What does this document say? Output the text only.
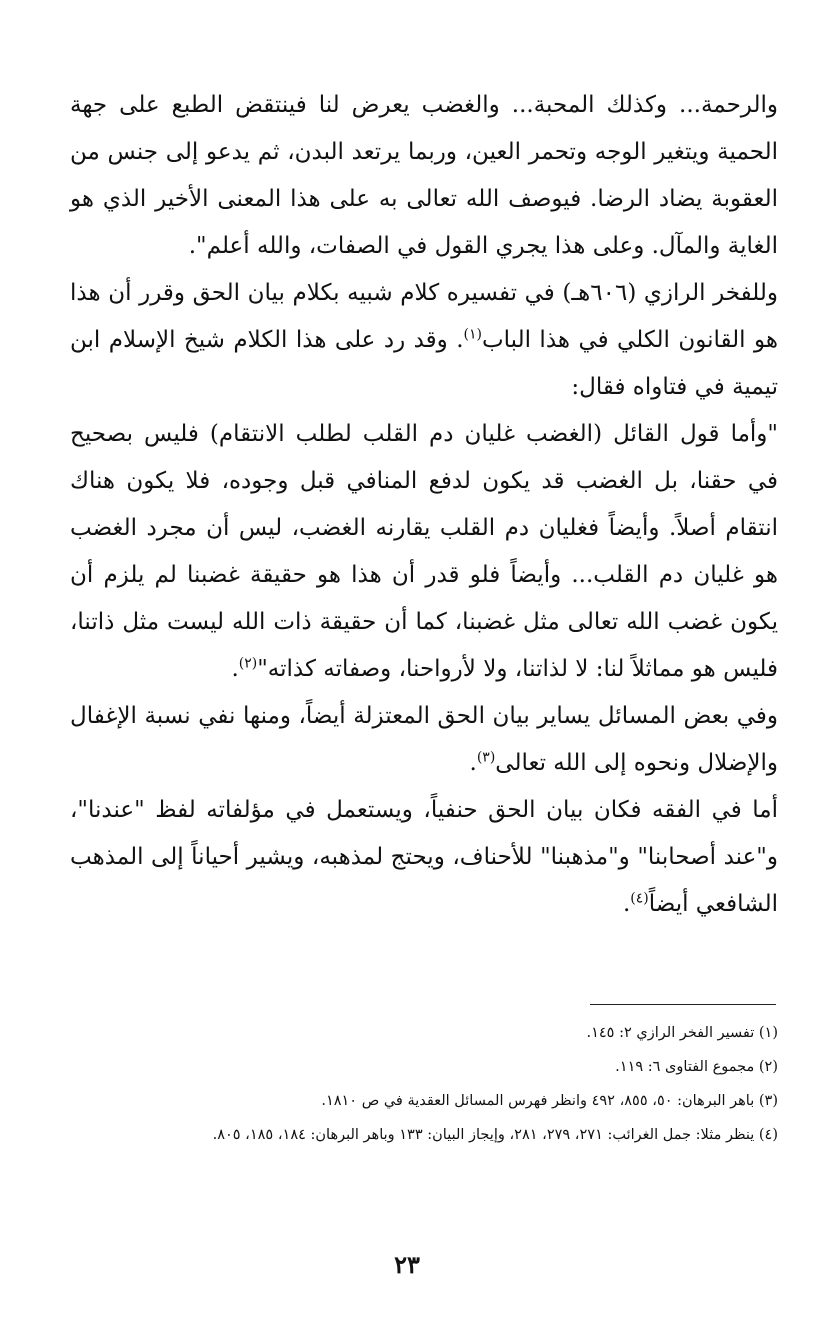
والرحمة... وكذلك المحبة... والغضب يعرض لنا فينتقض الطبع على جهة الحمية ويتغير الوجه وتحمر العين، وربما يرتعد البدن، ثم يدعو إلى جنس من العقوبة يضاد الرضا. فيوصف الله تعالى به على هذا المعنى الأخير الذي هو الغاية والمآل. وعلى هذا يجري القول في الصفات، والله أعلم".

وللفخر الرازي (٦٠٦هـ) في تفسيره كلام شبيه بكلام بيان الحق وقرر أن هذا هو القانون الكلي في هذا الباب$^{(١)}$. وقد رد على هذا الكلام شيخ الإسلام ابن تيمية في فتاواه فقال:

"وأما قول القائل (الغضب غليان دم القلب لطلب الانتقام) فليس بصحيح في حقنا، بل الغضب قد يكون لدفع المنافي قبل وجوده، فلا يكون هناك انتقام أصلاً. وأيضاً فغليان دم القلب يقارنه الغضب، ليس أن مجرد الغضب هو غليان دم القلب... وأيضاً فلو قدر أن هذا هو حقيقة غضبنا لم يلزم أن يكون غضب الله تعالى مثل غضبنا، كما أن حقيقة ذات الله ليست مثل ذاتنا، فليس هو مماثلاً لنا: لا لذاتنا، ولا لأرواحنا، وصفاته كذاته"$^{(٢)}$.

وفي بعض المسائل يساير بيان الحق المعتزلة أيضاً، ومنها نفي نسبة الإغفال والإضلال ونحوه إلى الله تعالى$^{(٣)}$.

أما في الفقه فكان بيان الحق حنفياً، ويستعمل في مؤلفاته لفظ "عندنا"، و"عند أصحابنا" و"مذهبنا" للأحناف، ويحتج لمذهبه، ويشير أحياناً إلى المذهب الشافعي أيضاً$^{(٤)}$.

(١) تفسير الفخر الرازي ٢: ١٤٥.

(٢) مجموع الفتاوى ٦: ١١٩.

(٣) باهر البرهان: ٥٠، ٨٥٥، ٤٩٢ وانظر فهرس المسائل العقدية في ص ١٨١٠.

(٤) ينظر مثلا: جمل الغرائب: ٢٧١، ٢٧٩، ٢٨١، وإيجاز البيان: ١٣٣ وباهر البرهان: ١٨٤، ١٨٥، ٨٠٥.

٢٣
